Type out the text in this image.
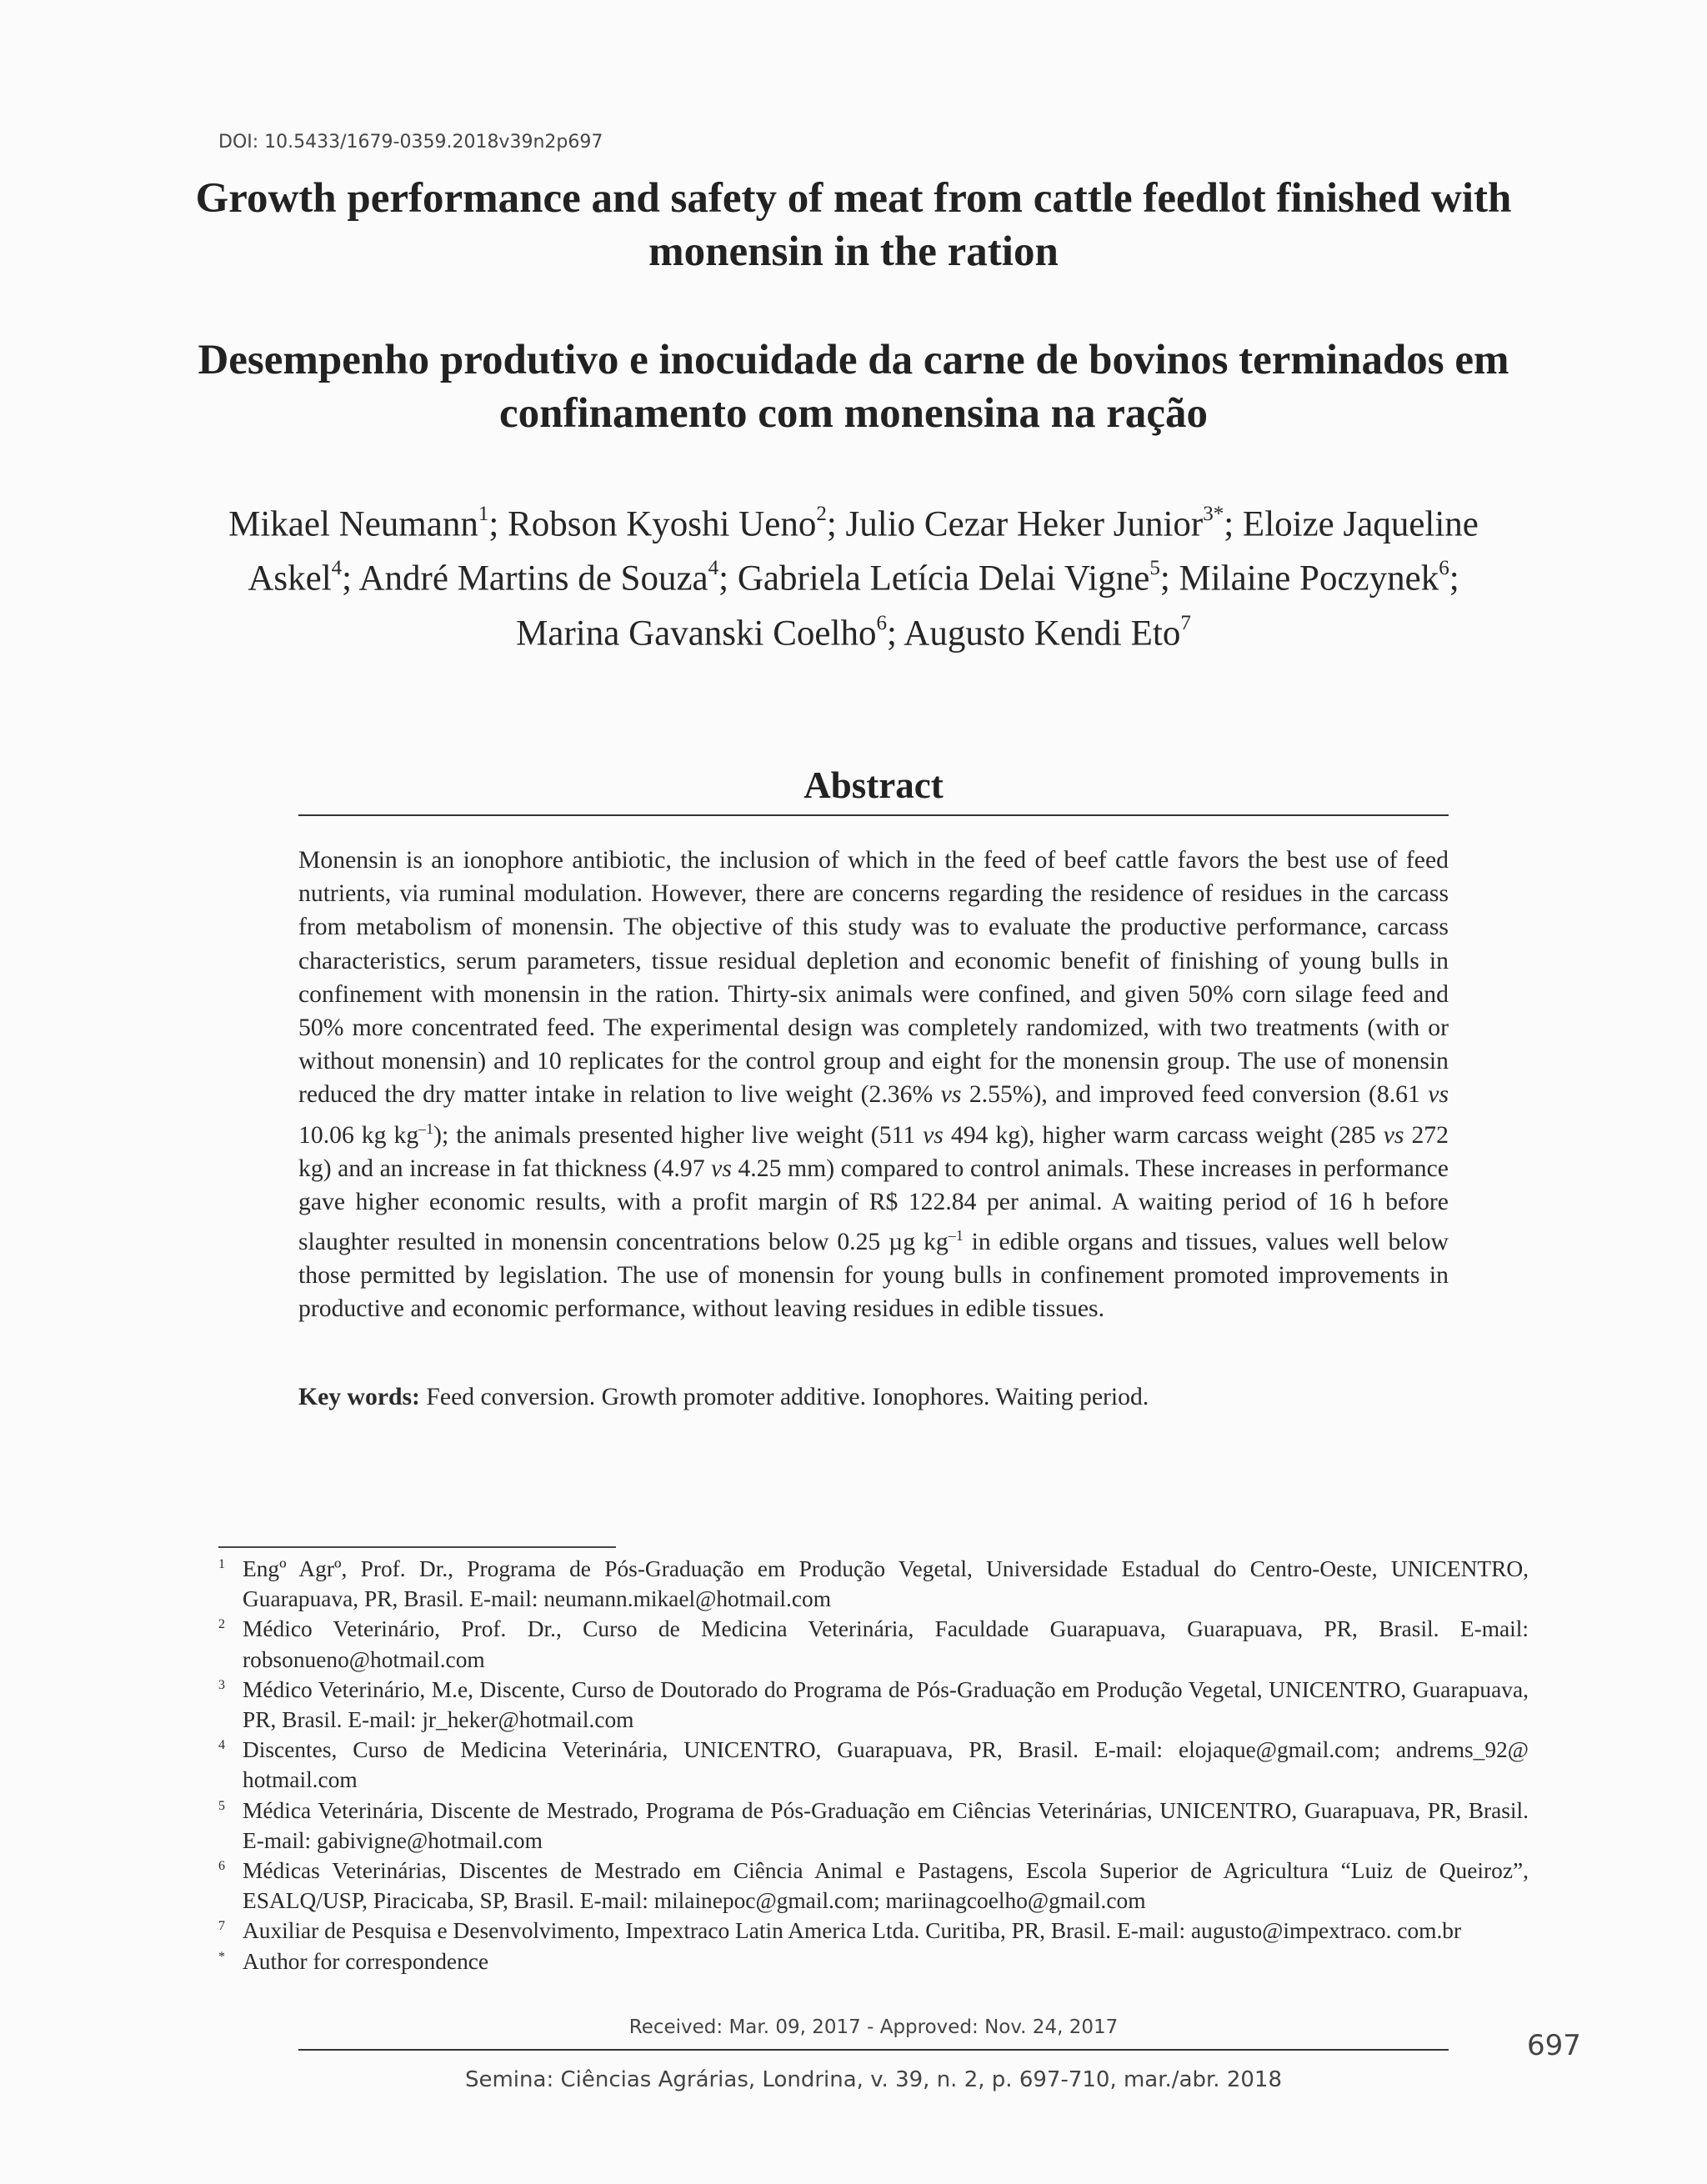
DOI: 10.5433/1679-0359.2018v39n2p697
Growth performance and safety of meat from cattle feedlot finished with monensin in the ration
Desempenho produtivo e inocuidade da carne de bovinos terminados em confinamento com monensina na ração
Mikael Neumann$^1$; Robson Kyoshi Ueno$^2$; Julio Cezar Heker Junior$^{3*}$; Eloize Jaqueline Askel$^4$; André Martins de Souza$^4$; Gabriela Letícia Delai Vigne$^5$; Milaine Poczynek$^6$; Marina Gavanski Coelho$^6$; Augusto Kendi Eto$^7$
Abstract
Monensin is an ionophore antibiotic, the inclusion of which in the feed of beef cattle favors the best use of feed nutrients, via ruminal modulation. However, there are concerns regarding the residence of residues in the carcass from metabolism of monensin. The objective of this study was to evaluate the productive performance, carcass characteristics, serum parameters, tissue residual depletion and economic benefit of finishing of young bulls in confinement with monensin in the ration. Thirty-six animals were confined, and given 50% corn silage feed and 50% more concentrated feed. The experimental design was completely randomized, with two treatments (with or without monensin) and 10 replicates for the control group and eight for the monensin group. The use of monensin reduced the dry matter intake in relation to live weight (2.36% vs 2.55%), and improved feed conversion (8.61 vs 10.06 kg $kg^{-1}$); the animals presented higher live weight (511 vs 494 kg), higher warm carcass weight (285 vs 272 kg) and an increase in fat thickness (4.97 vs 4.25 mm) compared to control animals. These increases in performance gave higher economic results, with a profit margin of R$ 122.84 per animal. A waiting period of 16 h before slaughter resulted in monensin concentrations below 0.25 µg $kg^{-1}$ in edible organs and tissues, values well below those permitted by legislation. The use of monensin for young bulls in confinement promoted improvements in productive and economic performance, without leaving residues in edible tissues.
Key words: Feed conversion. Growth promoter additive. Ionophores. Waiting period.
1 Engº Agrº, Prof. Dr., Programa de Pós-Graduação em Produção Vegetal, Universidade Estadual do Centro-Oeste, UNICENTRO, Guarapuava, PR, Brasil. E-mail: neumann.mikael@hotmail.com
2 Médico Veterinário, Prof. Dr., Curso de Medicina Veterinária, Faculdade Guarapuava, Guarapuava, PR, Brasil. E-mail: robsonueno@hotmail.com
3 Médico Veterinário, M.e, Discente, Curso de Doutorado do Programa de Pós-Graduação em Produção Vegetal, UNICENTRO, Guarapuava, PR, Brasil. E-mail: jr_heker@hotmail.com
4 Discentes, Curso de Medicina Veterinária, UNICENTRO, Guarapuava, PR, Brasil. E-mail: elojaque@gmail.com; andrems_92@ hotmail.com
5 Médica Veterinária, Discente de Mestrado, Programa de Pós-Graduação em Ciências Veterinárias, UNICENTRO, Guarapuava, PR, Brasil. E-mail: gabivigne@hotmail.com
6 Médicas Veterinárias, Discentes de Mestrado em Ciência Animal e Pastagens, Escola Superior de Agricultura “Luiz de Queiroz”, ESALQ/USP, Piracicaba, SP, Brasil. E-mail: milainepoc@gmail.com; mariinagcoelho@gmail.com
7 Auxiliar de Pesquisa e Desenvolvimento, Impextraco Latin America Ltda. Curitiba, PR, Brasil. E-mail: augusto@impextraco. com.br
* Author for correspondence
Received: Mar. 09, 2017 - Approved: Nov. 24, 2017
697
Semina: Ciências Agrárias, Londrina, v. 39, n. 2, p. 697-710, mar./abr. 2018
